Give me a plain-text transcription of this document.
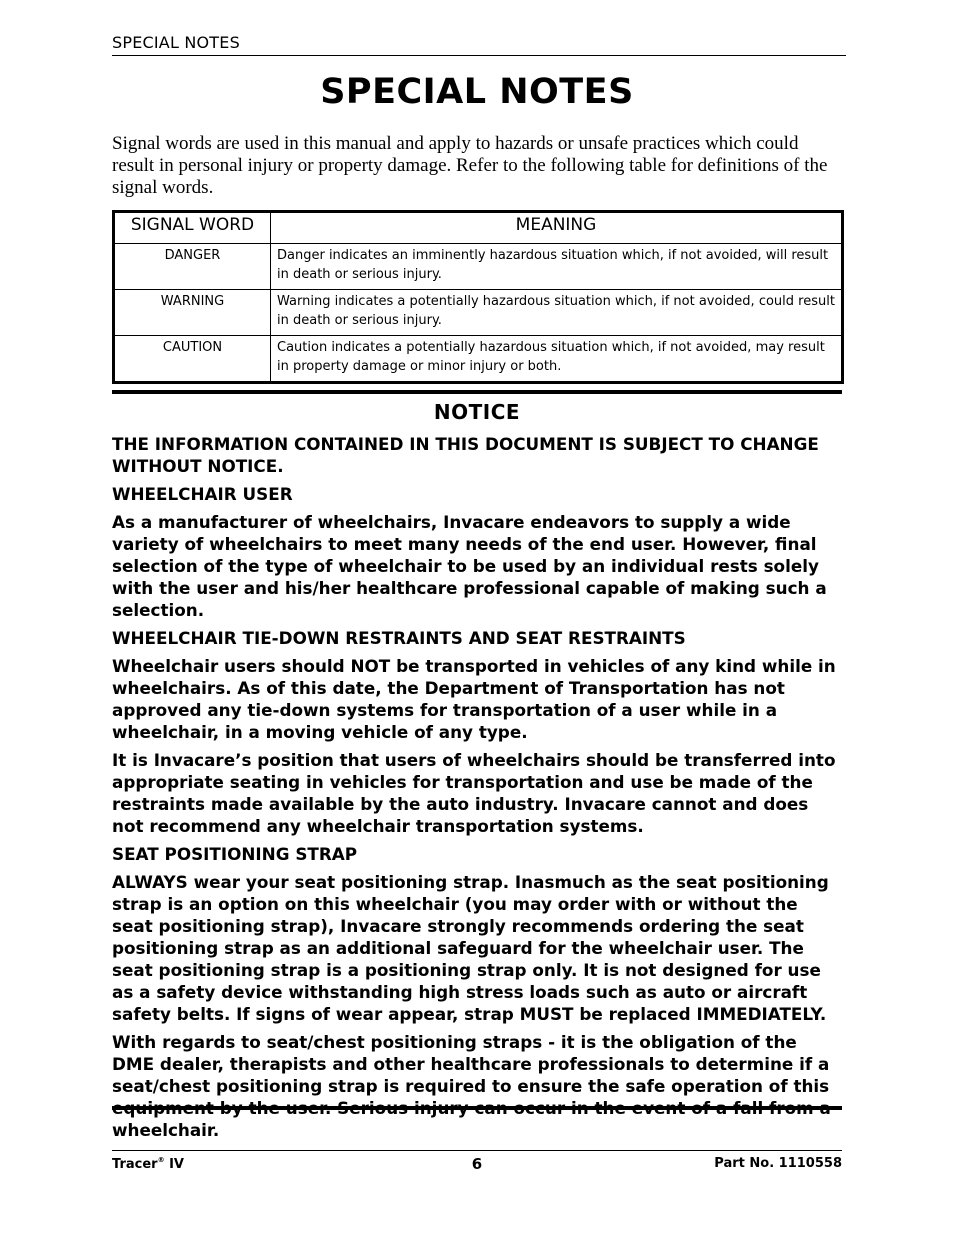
SPECIAL NOTES
SPECIAL NOTES
Signal words are used in this manual and apply to hazards or unsafe practices which could result in personal injury or property damage. Refer to the following table for definitions of the signal words.
SIGNAL WORD	MEANING
DANGER	Danger indicates an imminently hazardous situation which, if not avoided, will result in death or serious injury.
WARNING	Warning indicates a potentially hazardous situation which, if not avoided, could result in death or serious injury.
CAUTION	Caution indicates a potentially hazardous situation which, if not avoided, may result in property damage or minor injury or both.
NOTICE

THE INFORMATION CONTAINED IN THIS DOCUMENT IS SUBJECT TO CHANGE WITHOUT NOTICE.

WHEELCHAIR USER

As a manufacturer of wheelchairs, Invacare endeavors to supply a wide variety of wheelchairs to meet many needs of the end user. However, final selection of the type of wheelchair to be used by an individual rests solely with the user and his/her healthcare professional capable of making such a selection.

WHEELCHAIR TIE-DOWN RESTRAINTS AND SEAT RESTRAINTS

Wheelchair users should NOT be transported in vehicles of any kind while in wheelchairs. As of this date, the Department of Transportation has not approved any tie-down systems for transportation of a user while in a wheelchair, in a moving vehicle of any type.

It is Invacare’s position that users of wheelchairs should be transferred into appropriate seating in vehicles for transportation and use be made of the restraints made available by the auto industry. Invacare cannot and does not recommend any wheelchair transportation systems.

SEAT POSITIONING STRAP

ALWAYS wear your seat positioning strap. Inasmuch as the seat positioning strap is an option on this wheelchair (you may order with or without the seat positioning strap), Invacare strongly recommends ordering the seat positioning strap as an additional safeguard for the wheelchair user. The seat positioning strap is a positioning strap only. It is not designed for use as a safety device withstanding high stress loads such as auto or aircraft safety belts. If signs of wear appear, strap MUST be replaced IMMEDIATELY.

With regards to seat/chest positioning straps - it is the obligation of the DME dealer, therapists and other healthcare professionals to determine if a seat/chest positioning strap is required to ensure the safe operation of this wheelchair.

Tracer® IV	6	Part No. 1110558
